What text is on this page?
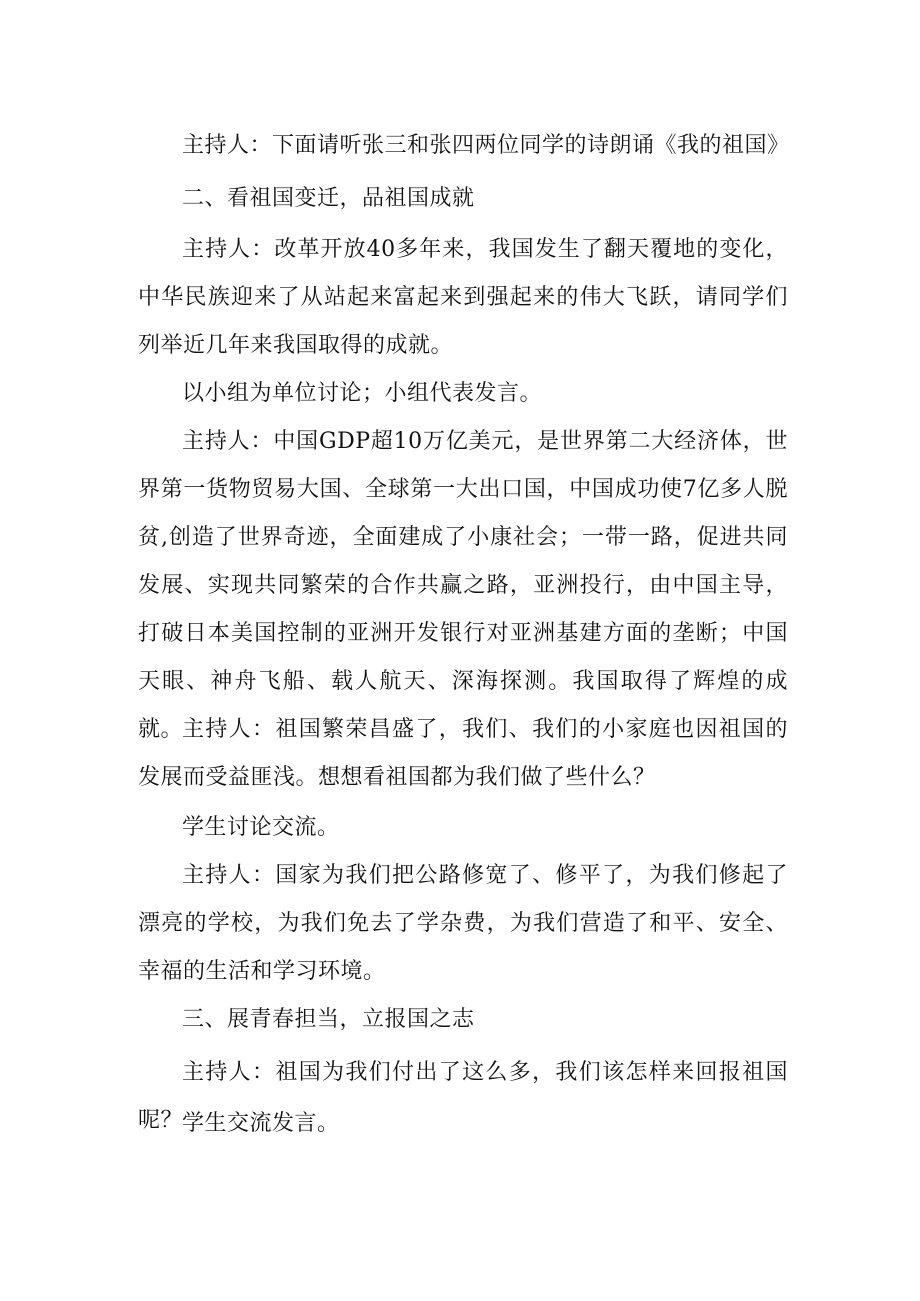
主持人：下面请听张三和张四两位同学的诗朗诵《我的祖国》

二、看祖国变迁，品祖国成就

主持人：改革开放40多年来，我国发生了翻天覆地的变化，中华民族迎来了从站起来富起来到强起来的伟大飞跃，请同学们列举近几年来我国取得的成就。

以小组为单位讨论；小组代表发言。

主持人：中国GDP超10万亿美元，是世界第二大经济体，世界第一货物贸易大国、全球第一大出口国，中国成功使7亿多人脱贫,创造了世界奇迹，全面建成了小康社会；一带一路，促进共同发展、实现共同繁荣的合作共赢之路，亚洲投行，由中国主导，打破日本美国控制的亚洲开发银行对亚洲基建方面的垄断；中国天眼、神舟飞船、载人航天、深海探测。我国取得了辉煌的成就。

主持人：祖国繁荣昌盛了，我们、我们的小家庭也因祖国的发展而受益匪浅。想想看祖国都为我们做了些什么？

学生讨论交流。

主持人：国家为我们把公路修宽了、修平了，为我们修起了漂亮的学校，为我们免去了学杂费，为我们营造了和平、安全、幸福的生活和学习环境。

三、展青春担当，立报国之志

主持人：祖国为我们付出了这么多，我们该怎样来回报祖国呢？

学生交流发言。
